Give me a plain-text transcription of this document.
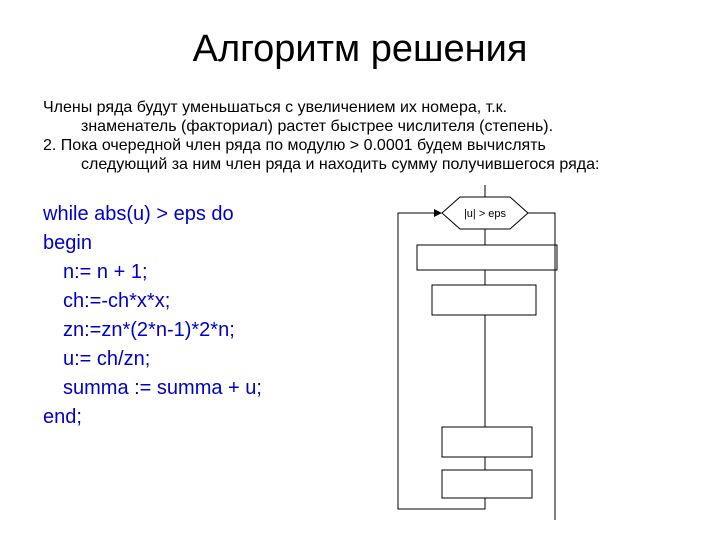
Алгоритм решения

Члены ряда будут уменьшаться с увеличением их номера, т.к.
знаменатель (факториал) растет быстрее числителя (степень).

2. Пока очередной член ряда по модулю > 0.0001 будем вычислять
следующий за ним член ряда и находить сумму получившегося ряда:

while abs(u) > eps do
begin
n:= n + 1;
ch:=-ch*x*x;
zn:=zn*(2*n-1)*2*n;
u:= ch/zn;
summa := summa + u;
end;
|u| > eps
